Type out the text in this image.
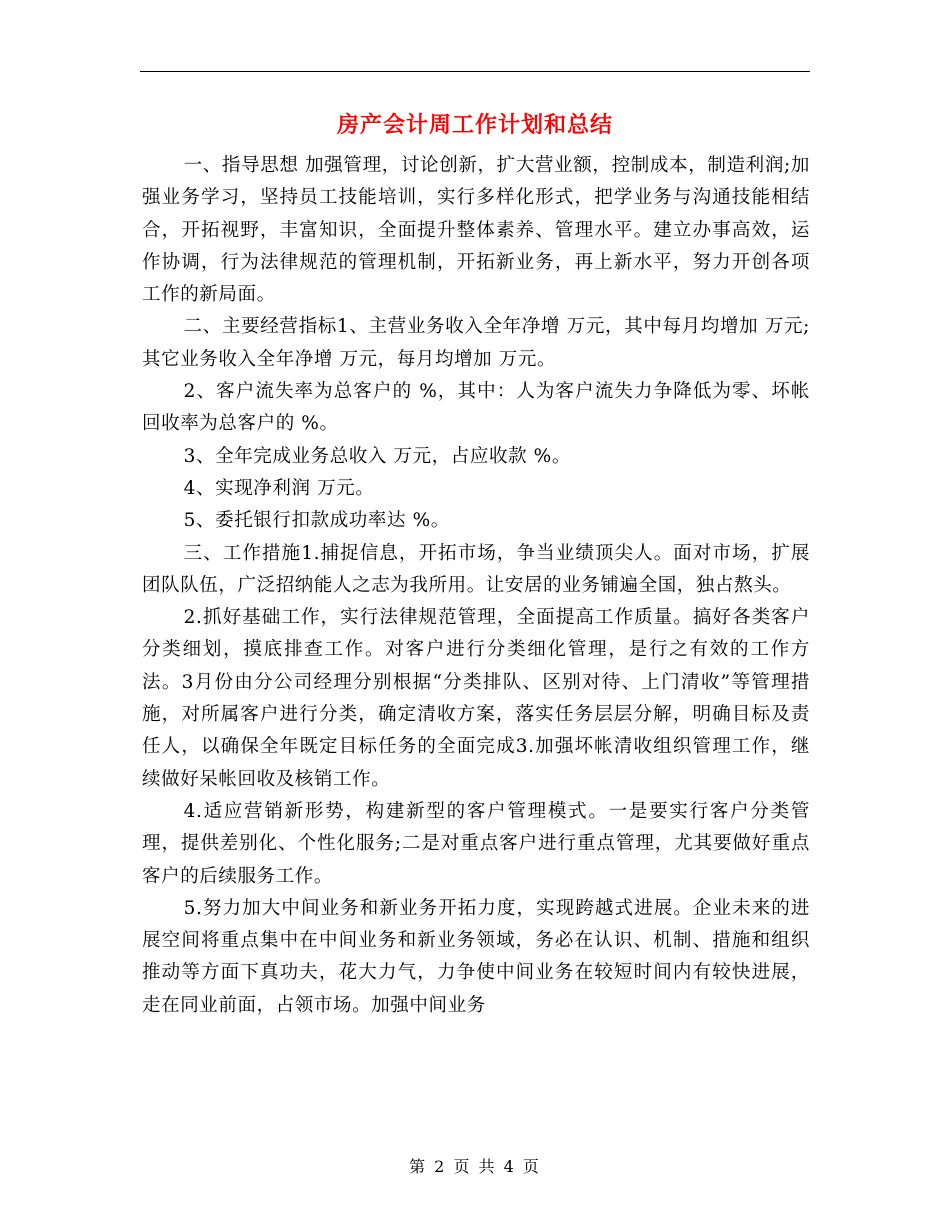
房产会计周工作计划和总结

一、指导思想 加强管理，讨论创新，扩大营业额，控制成本，制造利润;加强业务学习，坚持员工技能培训，实行多样化形式，把学业务与沟通技能相结合，开拓视野，丰富知识，全面提升整体素养、管理水平。建立办事高效，运作协调，行为法律规范的管理机制，开拓新业务，再上新水平，努力开创各项工作的新局面。

二、主要经营指标1、主营业务收入全年净增 万元，其中每月均增加 万元;其它业务收入全年净增 万元，每月均增加 万元。

2、客户流失率为总客户的 %，其中：人为客户流失力争降低为零、坏帐回收率为总客户的 %。

3、全年完成业务总收入 万元，占应收款 %。

4、实现净利润 万元。

5、委托银行扣款成功率达 %。

三、工作措施1.捕捉信息，开拓市场，争当业绩顶尖人。面对市场，扩展团队队伍，广泛招纳能人之志为我所用。让安居的业务铺遍全国，独占熬头。

2.抓好基础工作，实行法律规范管理，全面提高工作质量。搞好各类客户分类细划，摸底排查工作。对客户进行分类细化管理，是行之有效的工作方法。3月份由分公司经理分别根据“分类排队、区别对待、上门清收”等管理措施，对所属客户进行分类，确定清收方案，落实任务层层分解，明确目标及责任人，以确保全年既定目标任务的全面完成3.加强坏帐清收组织管理工作，继续做好呆帐回收及核销工作。

4.适应营销新形势，构建新型的客户管理模式。一是要实行客户分类管理，提供差别化、个性化服务;二是对重点客户进行重点管理，尤其要做好重点客户的后续服务工作。

5.努力加大中间业务和新业务开拓力度，实现跨越式进展。企业未来的进展空间将重点集中在中间业务和新业务领域，务必在认识、机制、措施和组织推动等方面下真功夫，花大力气，力争使中间业务在较短时间内有较快进展，走在同业前面，占领市场。加强中间业务

第 2 页 共 4 页
